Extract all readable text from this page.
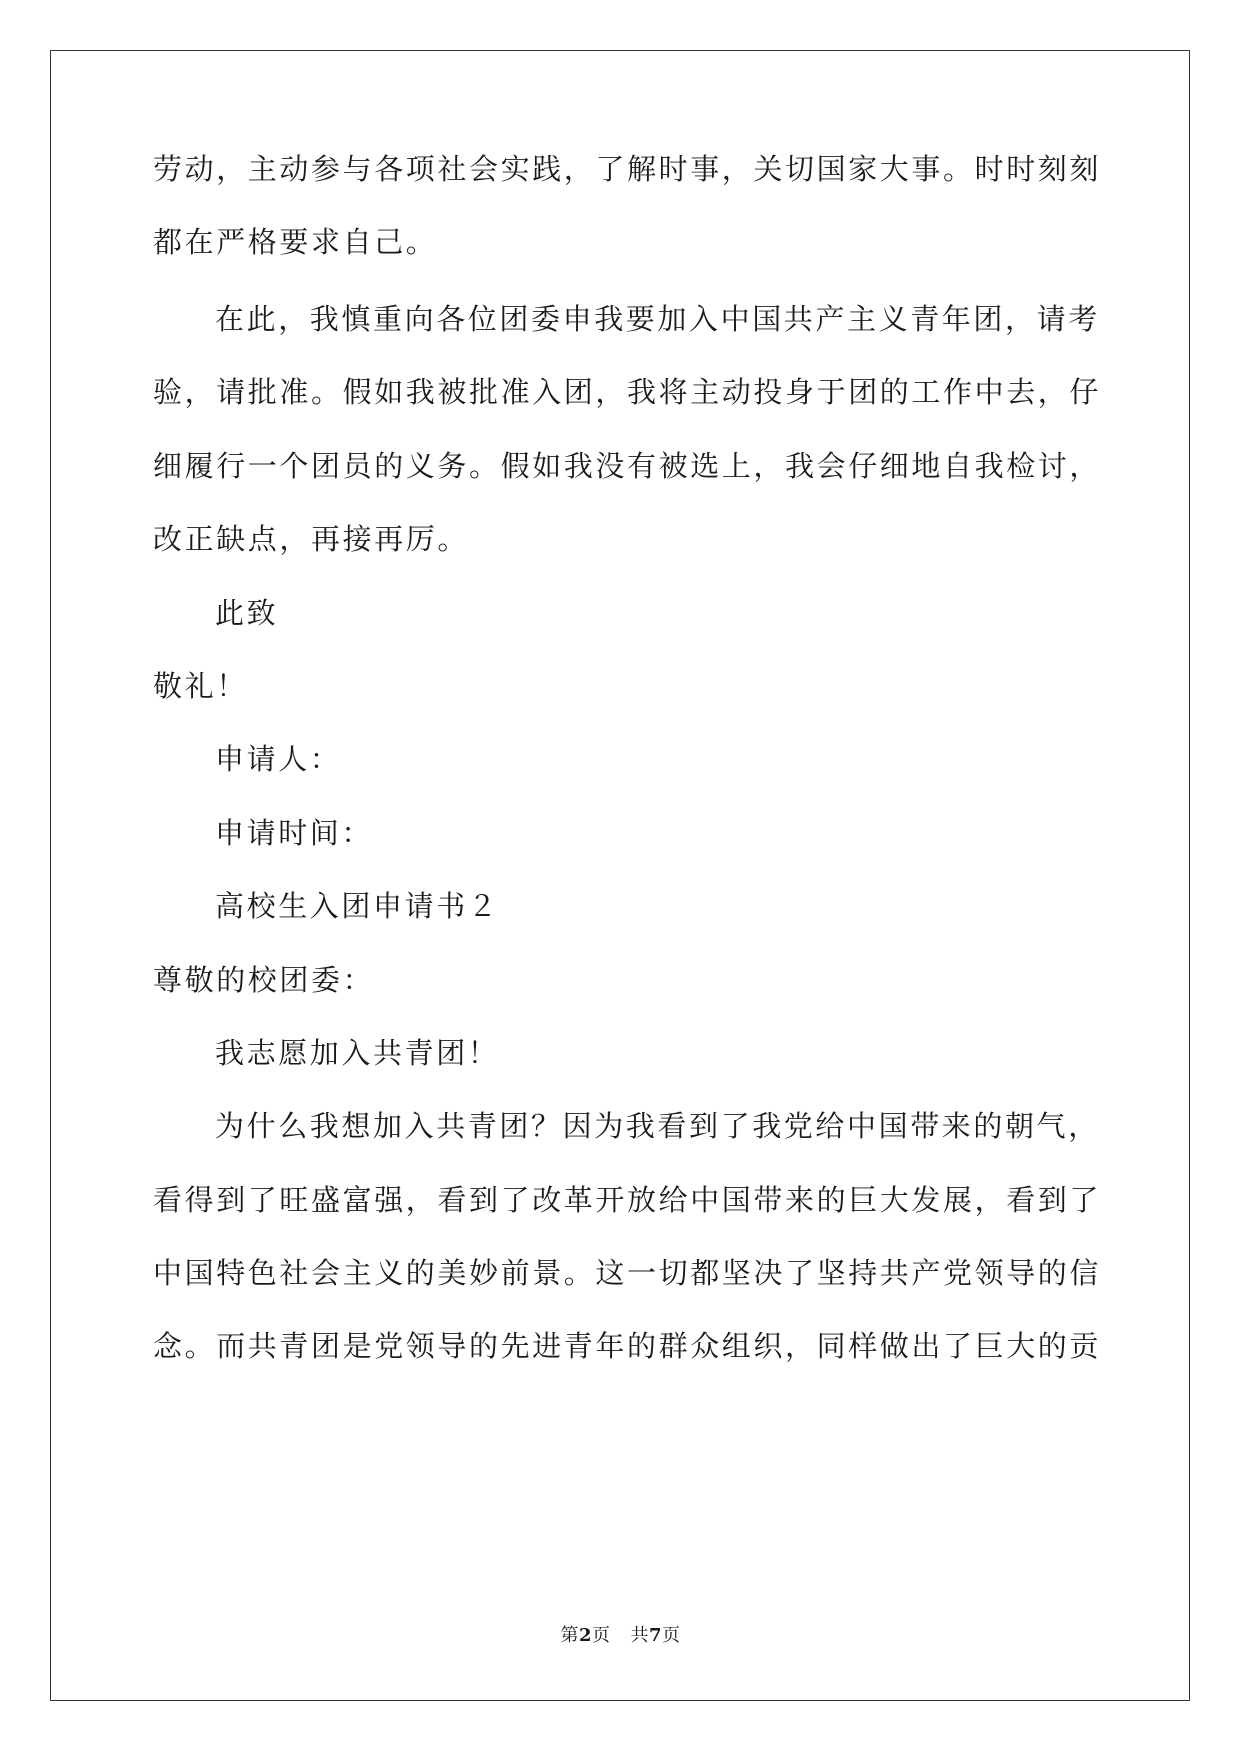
劳动，主动参与各项社会实践，了解时事，关切国家大事。时时刻刻
都在严格要求自己。
在此，我慎重向各位团委申我要加入中国共产主义青年团，请考
验，请批准。假如我被批准入团，我将主动投身于团的工作中去，仔
细履行一个团员的义务。假如我没有被选上，我会仔细地自我检讨，
改正缺点，再接再厉。
此致
敬礼！
申请人：
申请时间：
高校生入团申请书２
尊敬的校团委：
我志愿加入共青团！
为什么我想加入共青团？因为我看到了我党给中国带来的朝气，
看得到了旺盛富强，看到了改革开放给中国带来的巨大发展，看到了
中国特色社会主义的美妙前景。这一切都坚决了坚持共产党领导的信
念。而共青团是党领导的先进青年的群众组织，同样做出了巨大的贡
第2页 共7页
